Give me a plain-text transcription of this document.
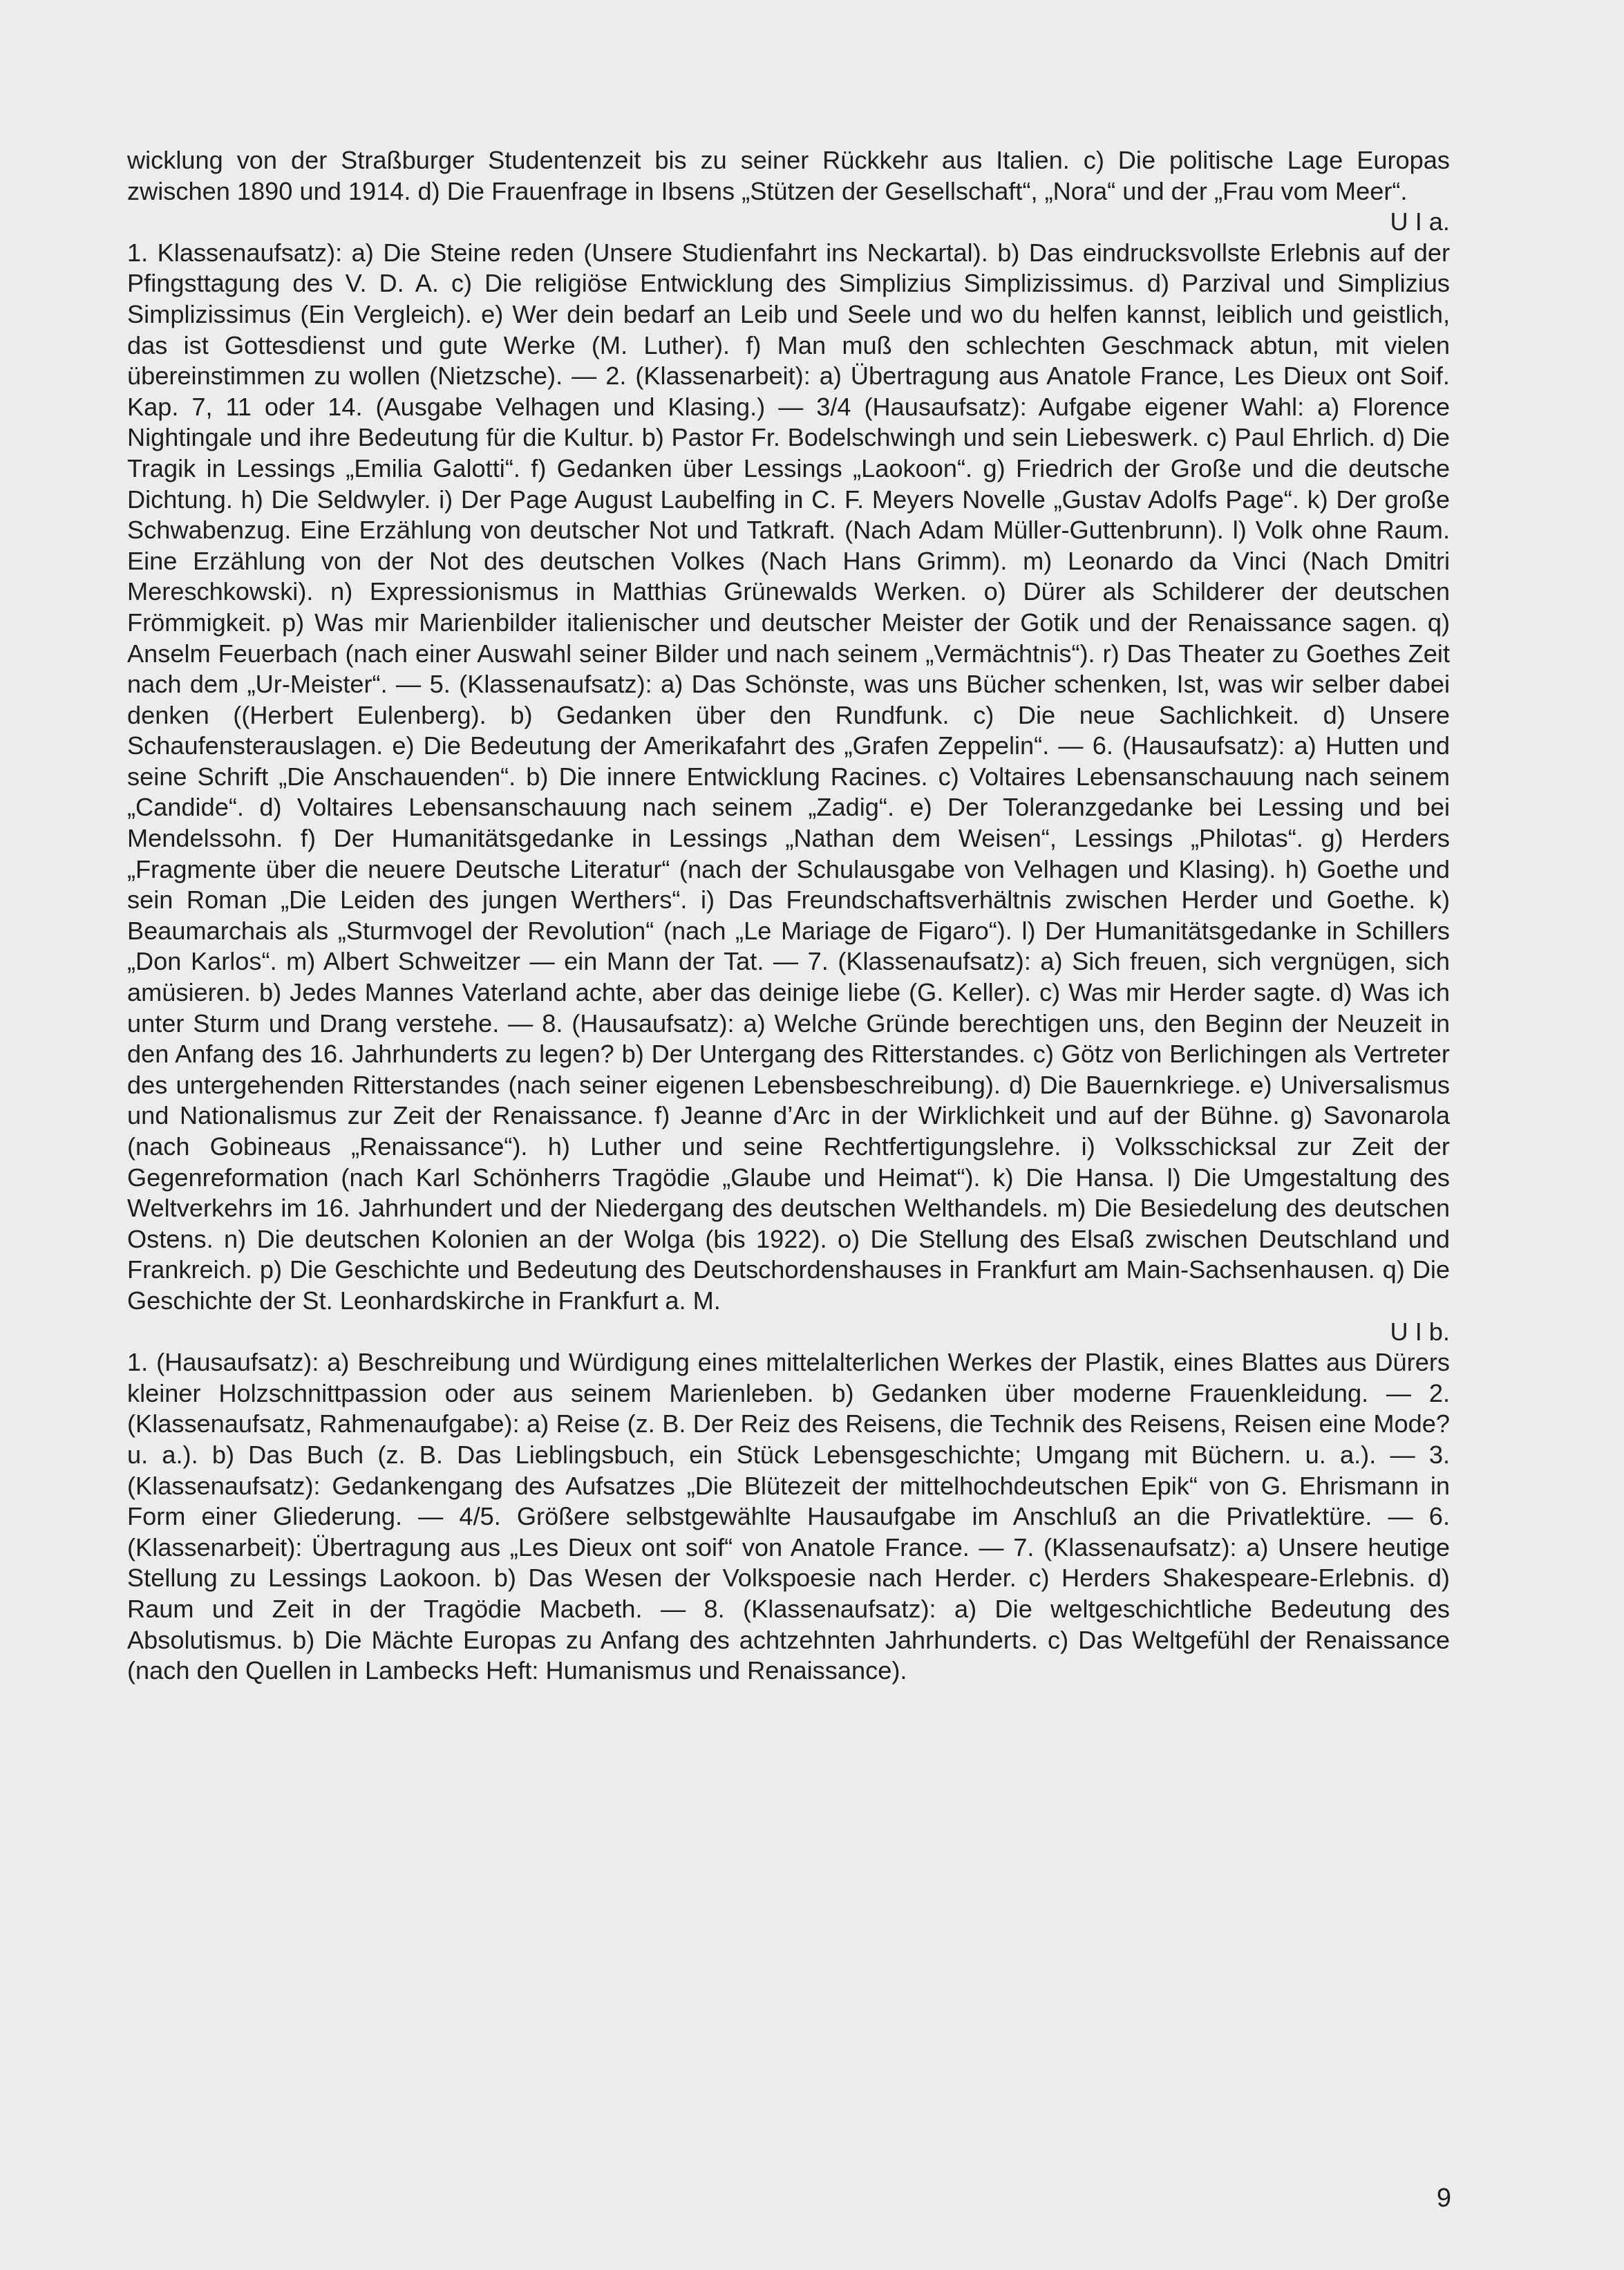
wicklung von der Straßburger Studentenzeit bis zu seiner Rückkehr aus Italien. c) Die politische Lage Europas zwischen 1890 und 1914. d) Die Frauenfrage in Ibsens „Stützen der Gesellschaft“, „Nora“ und der „Frau vom Meer“.

U I a.

1. Klassenaufsatz): a) Die Steine reden (Unsere Studienfahrt ins Neckartal). b) Das eindrucksvollste Erlebnis auf der Pfingsttagung des V. D. A. c) Die religiöse Entwicklung des Simplizius Simplizissimus. d) Parzival und Simplizius Simplizissimus (Ein Vergleich). e) Wer dein bedarf an Leib und Seele und wo du helfen kannst, leiblich und geistlich, das ist Gottesdienst und gute Werke (M. Luther). f) Man muß den schlechten Geschmack abtun, mit vielen übereinstimmen zu wollen (Nietzsche). — 2. (Klassenarbeit): a) Übertragung aus Anatole France, Les Dieux ont Soif. Kap. 7, 11 oder 14. (Ausgabe Velhagen und Klasing.) — 3/4 (Hausaufsatz): Aufgabe eigener Wahl: a) Florence Nightingale und ihre Bedeutung für die Kultur. b) Pastor Fr. Bodelschwingh und sein Liebeswerk. c) Paul Ehrlich. d) Die Tragik in Lessings „Emilia Galotti“. f) Gedanken über Lessings „Laokoon“. g) Friedrich der Große und die deutsche Dichtung. h) Die Seldwyler. i) Der Page August Laubelfing in C. F. Meyers Novelle „Gustav Adolfs Page“. k) Der große Schwabenzug. Eine Erzählung von deutscher Not und Tatkraft. (Nach Adam Müller-Guttenbrunn). l) Volk ohne Raum. Eine Erzählung von der Not des deutschen Volkes (Nach Hans Grimm). m) Leonardo da Vinci (Nach Dmitri Mereschkowski). n) Expressionismus in Matthias Grünewalds Werken. o) Dürer als Schilderer der deutschen Frömmigkeit. p) Was mir Marienbilder italienischer und deutscher Meister der Gotik und der Renaissance sagen. q) Anselm Feuerbach (nach einer Auswahl seiner Bilder und nach seinem „Vermächtnis“). r) Das Theater zu Goethes Zeit nach dem „Ur-Meister“. — 5. (Klassenaufsatz): a) Das Schönste, was uns Bücher schenken, Ist, was wir selber dabei denken ((Herbert Eulenberg). b) Gedanken über den Rundfunk. c) Die neue Sachlichkeit. d) Unsere Schaufensterauslagen. e) Die Bedeutung der Amerikafahrt des „Grafen Zeppelin“. — 6. (Hausaufsatz): a) Hutten und seine Schrift „Die Anschauenden“. b) Die innere Entwicklung Racines. c) Voltaires Lebensanschauung nach seinem „Candide“. d) Voltaires Lebensanschauung nach seinem „Zadig“. e) Der Toleranzgedanke bei Lessing und bei Mendelssohn. f) Der Humanitätsgedanke in Lessings „Nathan dem Weisen“, Lessings „Philotas“. g) Herders „Fragmente über die neuere Deutsche Literatur“ (nach der Schulausgabe von Velhagen und Klasing). h) Goethe und sein Roman „Die Leiden des jungen Werthers“. i) Das Freundschaftsverhältnis zwischen Herder und Goethe. k) Beaumarchais als „Sturmvogel der Revolution“ (nach „Le Mariage de Figaro“). l) Der Humanitätsgedanke in Schillers „Don Karlos“. m) Albert Schweitzer — ein Mann der Tat. — 7. (Klassenaufsatz): a) Sich freuen, sich vergnügen, sich amüsieren. b) Jedes Mannes Vaterland achte, aber das deinige liebe (G. Keller). c) Was mir Herder sagte. d) Was ich unter Sturm und Drang verstehe. — 8. (Hausaufsatz): a) Welche Gründe berechtigen uns, den Beginn der Neuzeit in den Anfang des 16. Jahrhunderts zu legen? b) Der Untergang des Ritterstandes. c) Götz von Berlichingen als Vertreter des untergehenden Ritterstandes (nach seiner eigenen Lebensbeschreibung). d) Die Bauernkriege. e) Universalismus und Nationalismus zur Zeit der Renaissance. f) Jeanne d’Arc in der Wirklichkeit und auf der Bühne. g) Savonarola (nach Gobineaus „Renaissance“). h) Luther und seine Rechtfertigungslehre. i) Volksschicksal zur Zeit der Gegenreformation (nach Karl Schönherrs Tragödie „Glaube und Heimat“). k) Die Hansa. l) Die Umgestaltung des Weltverkehrs im 16. Jahrhundert und der Niedergang des deutschen Welthandels. m) Die Besiedelung des deutschen Ostens. n) Die deutschen Kolonien an der Wolga (bis 1922). o) Die Stellung des Elsaß zwischen Deutschland und Frankreich. p) Die Geschichte und Bedeutung des Deutschordenshauses in Frankfurt am Main-Sachsenhausen. q) Die Geschichte der St. Leonhardskirche in Frankfurt a. M.

U I b.

1. (Hausaufsatz): a) Beschreibung und Würdigung eines mittelalterlichen Werkes der Plastik, eines Blattes aus Dürers kleiner Holzschnittpassion oder aus seinem Marienleben. b) Gedanken über moderne Frauenkleidung. — 2. (Klassenaufsatz, Rahmenaufgabe): a) Reise (z. B. Der Reiz des Reisens, die Technik des Reisens, Reisen eine Mode? u. a.). b) Das Buch (z. B. Das Lieblingsbuch, ein Stück Lebensgeschichte; Umgang mit Büchern. u. a.). — 3. (Klassenaufsatz): Gedankengang des Aufsatzes „Die Blütezeit der mittelhochdeutschen Epik“ von G. Ehrismann in Form einer Gliederung. — 4/5. Größere selbstgewählte Hausaufgabe im Anschluß an die Privatlektüre. — 6. (Klassenarbeit): Übertragung aus „Les Dieux ont soif“ von Anatole France. — 7. (Klassenaufsatz): a) Unsere heutige Stellung zu Lessings Laokoon. b) Das Wesen der Volkspoesie nach Herder. c) Herders Shakespeare-Erlebnis. d) Raum und Zeit in der Tragödie Macbeth. — 8. (Klassenaufsatz): a) Die weltgeschichtliche Bedeutung des Absolutismus. b) Die Mächte Europas zu Anfang des achtzehnten Jahrhunderts. c) Das Weltgefühl der Renaissance (nach den Quellen in Lambecks Heft: Humanismus und Renaissance).

9
